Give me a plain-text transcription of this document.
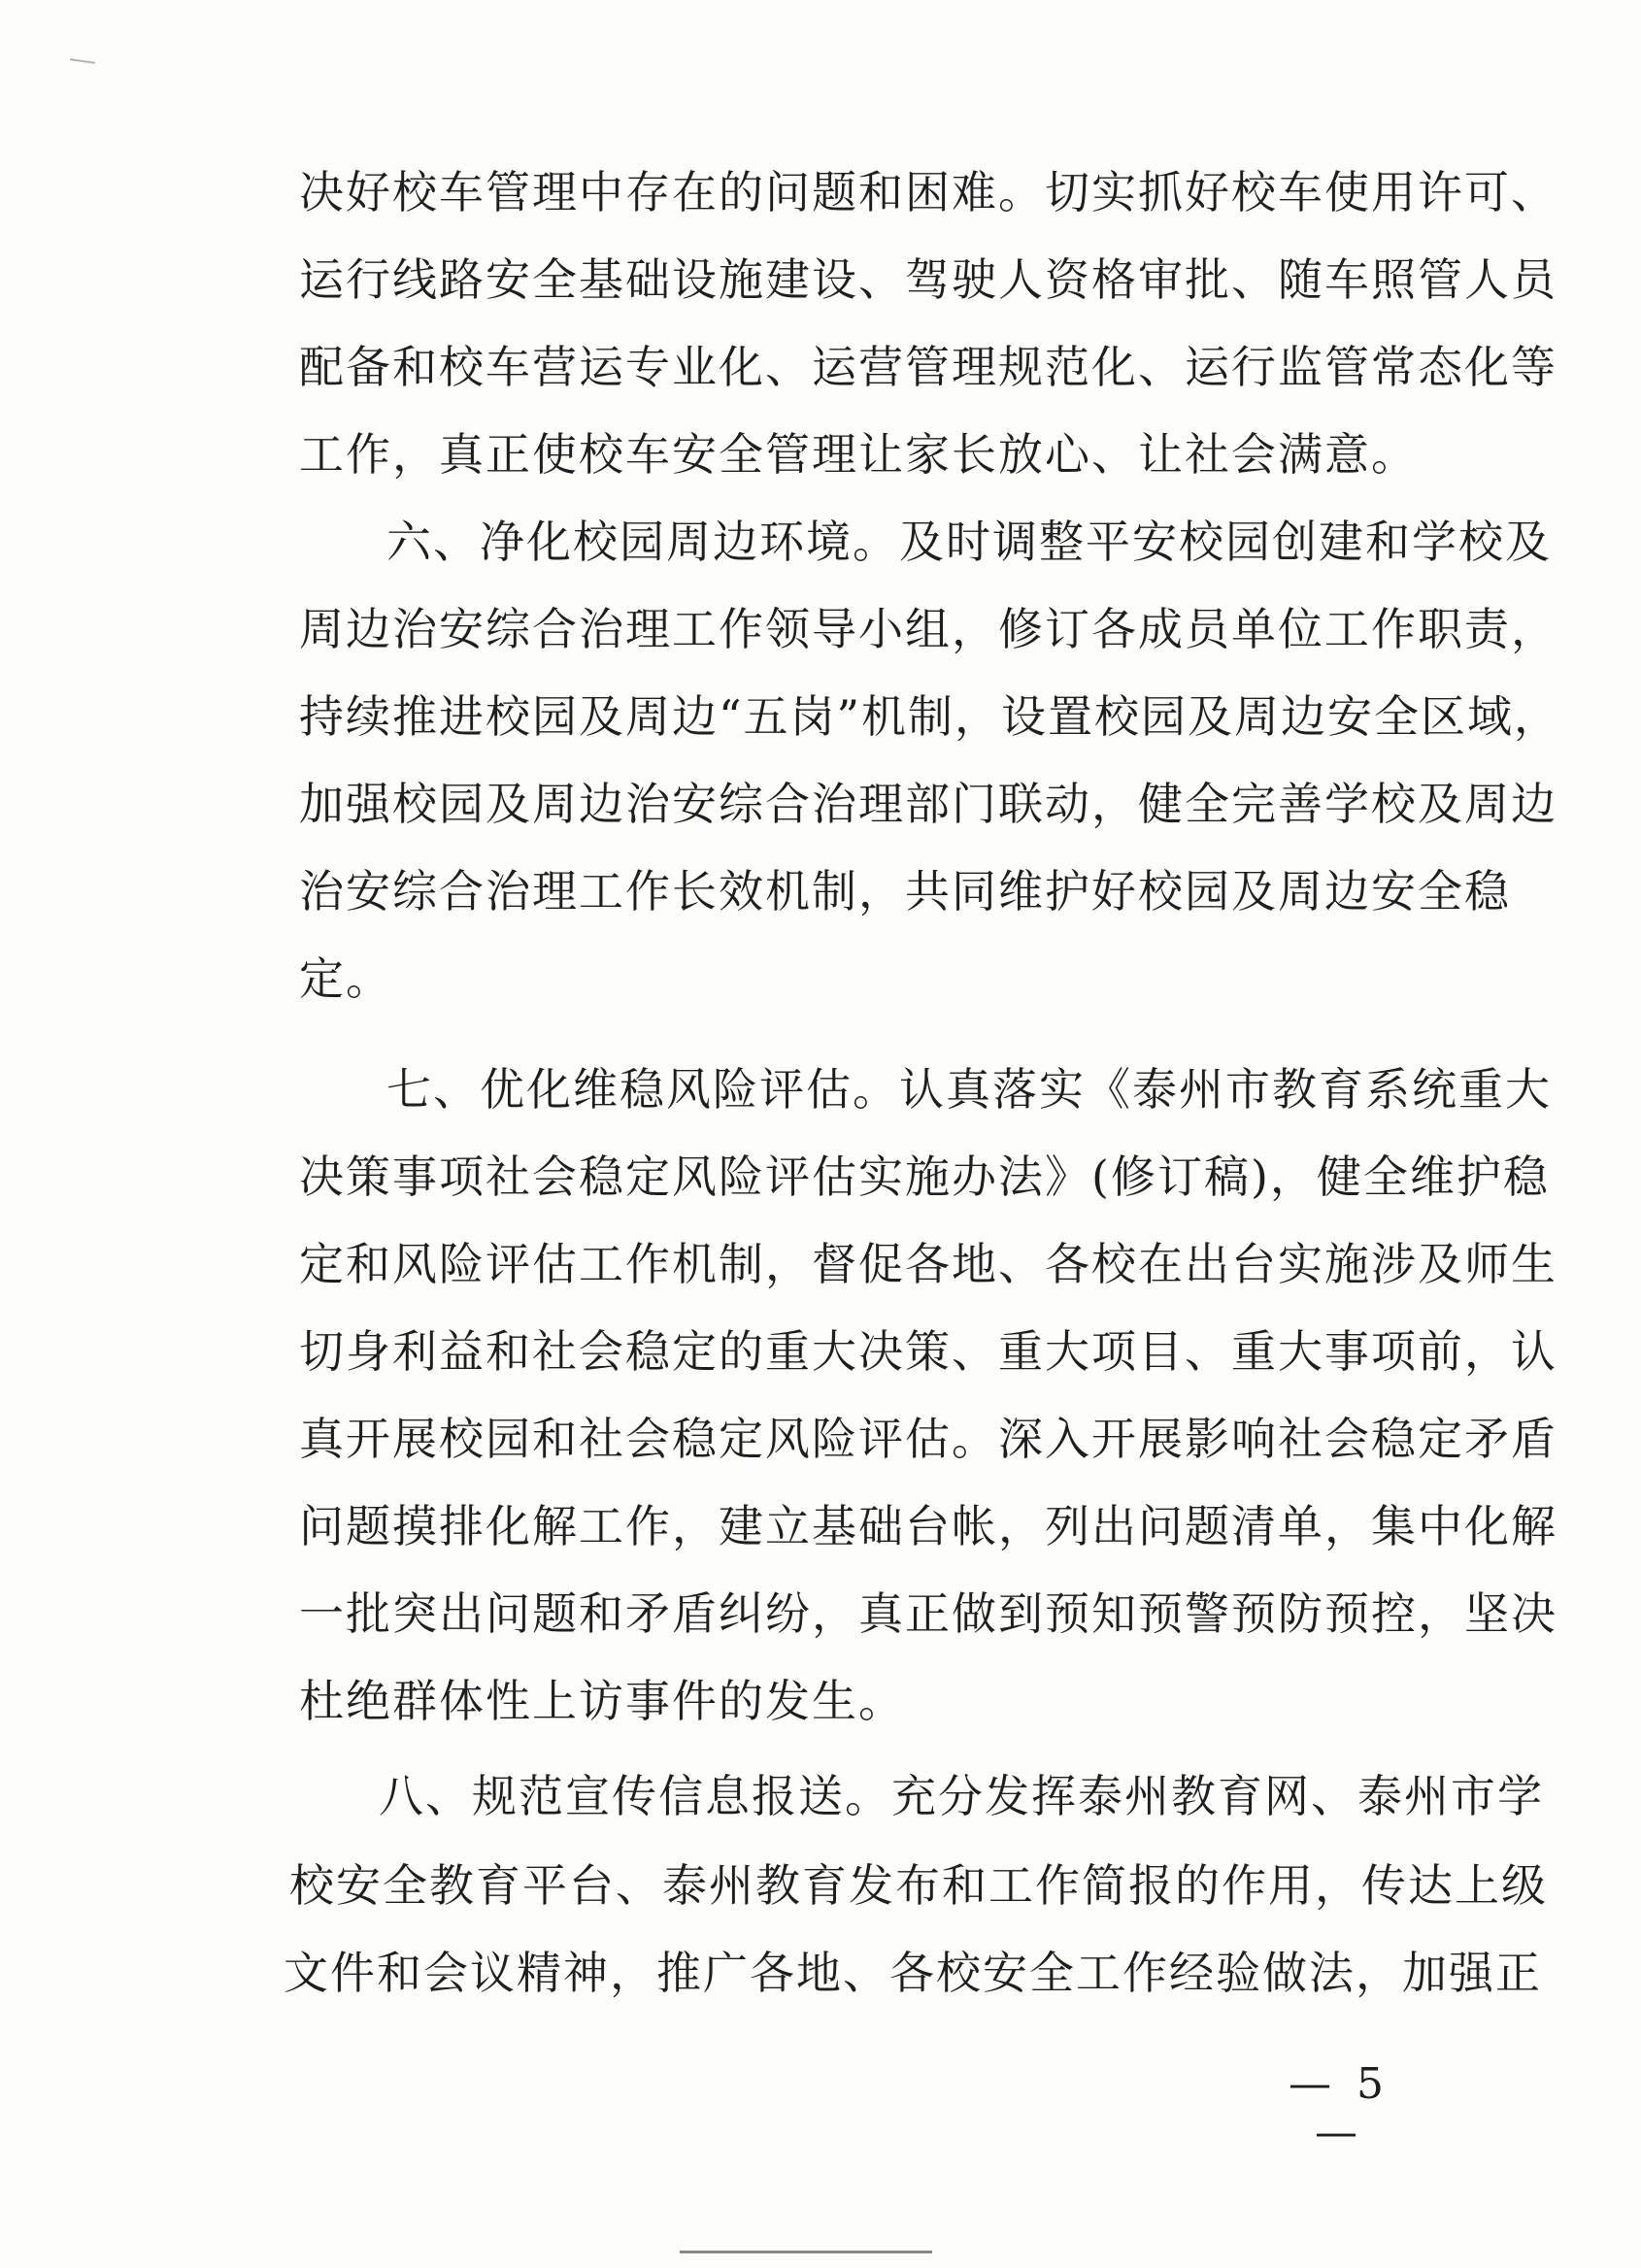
决好校车管理中存在的问题和困难。切实抓好校车使用许可、
运行线路安全基础设施建设、驾驶人资格审批、随车照管人员
配备和校车营运专业化、运营管理规范化、运行监管常态化等
工作，真正使校车安全管理让家长放心、让社会满意。
六、净化校园周边环境。及时调整平安校园创建和学校及
周边治安综合治理工作领导小组，修订各成员单位工作职责，
持续推进校园及周边“五岗”机制，设置校园及周边安全区域，
加强校园及周边治安综合治理部门联动，健全完善学校及周边
治安综合治理工作长效机制，共同维护好校园及周边安全稳
定。
七、优化维稳风险评估。认真落实《泰州市教育系统重大
决策事项社会稳定风险评估实施办法》(修订稿)，健全维护稳
定和风险评估工作机制，督促各地、各校在出台实施涉及师生
切身利益和社会稳定的重大决策、重大项目、重大事项前，认
真开展校园和社会稳定风险评估。深入开展影响社会稳定矛盾
问题摸排化解工作，建立基础台帐，列出问题清单，集中化解
一批突出问题和矛盾纠纷，真正做到预知预警预防预控，坚决
杜绝群体性上访事件的发生。
八、规范宣传信息报送。充分发挥泰州教育网、泰州市学
校安全教育平台、泰州教育发布和工作简报的作用，传达上级
文件和会议精神，推广各地、各校安全工作经验做法，加强正
— 5 —
